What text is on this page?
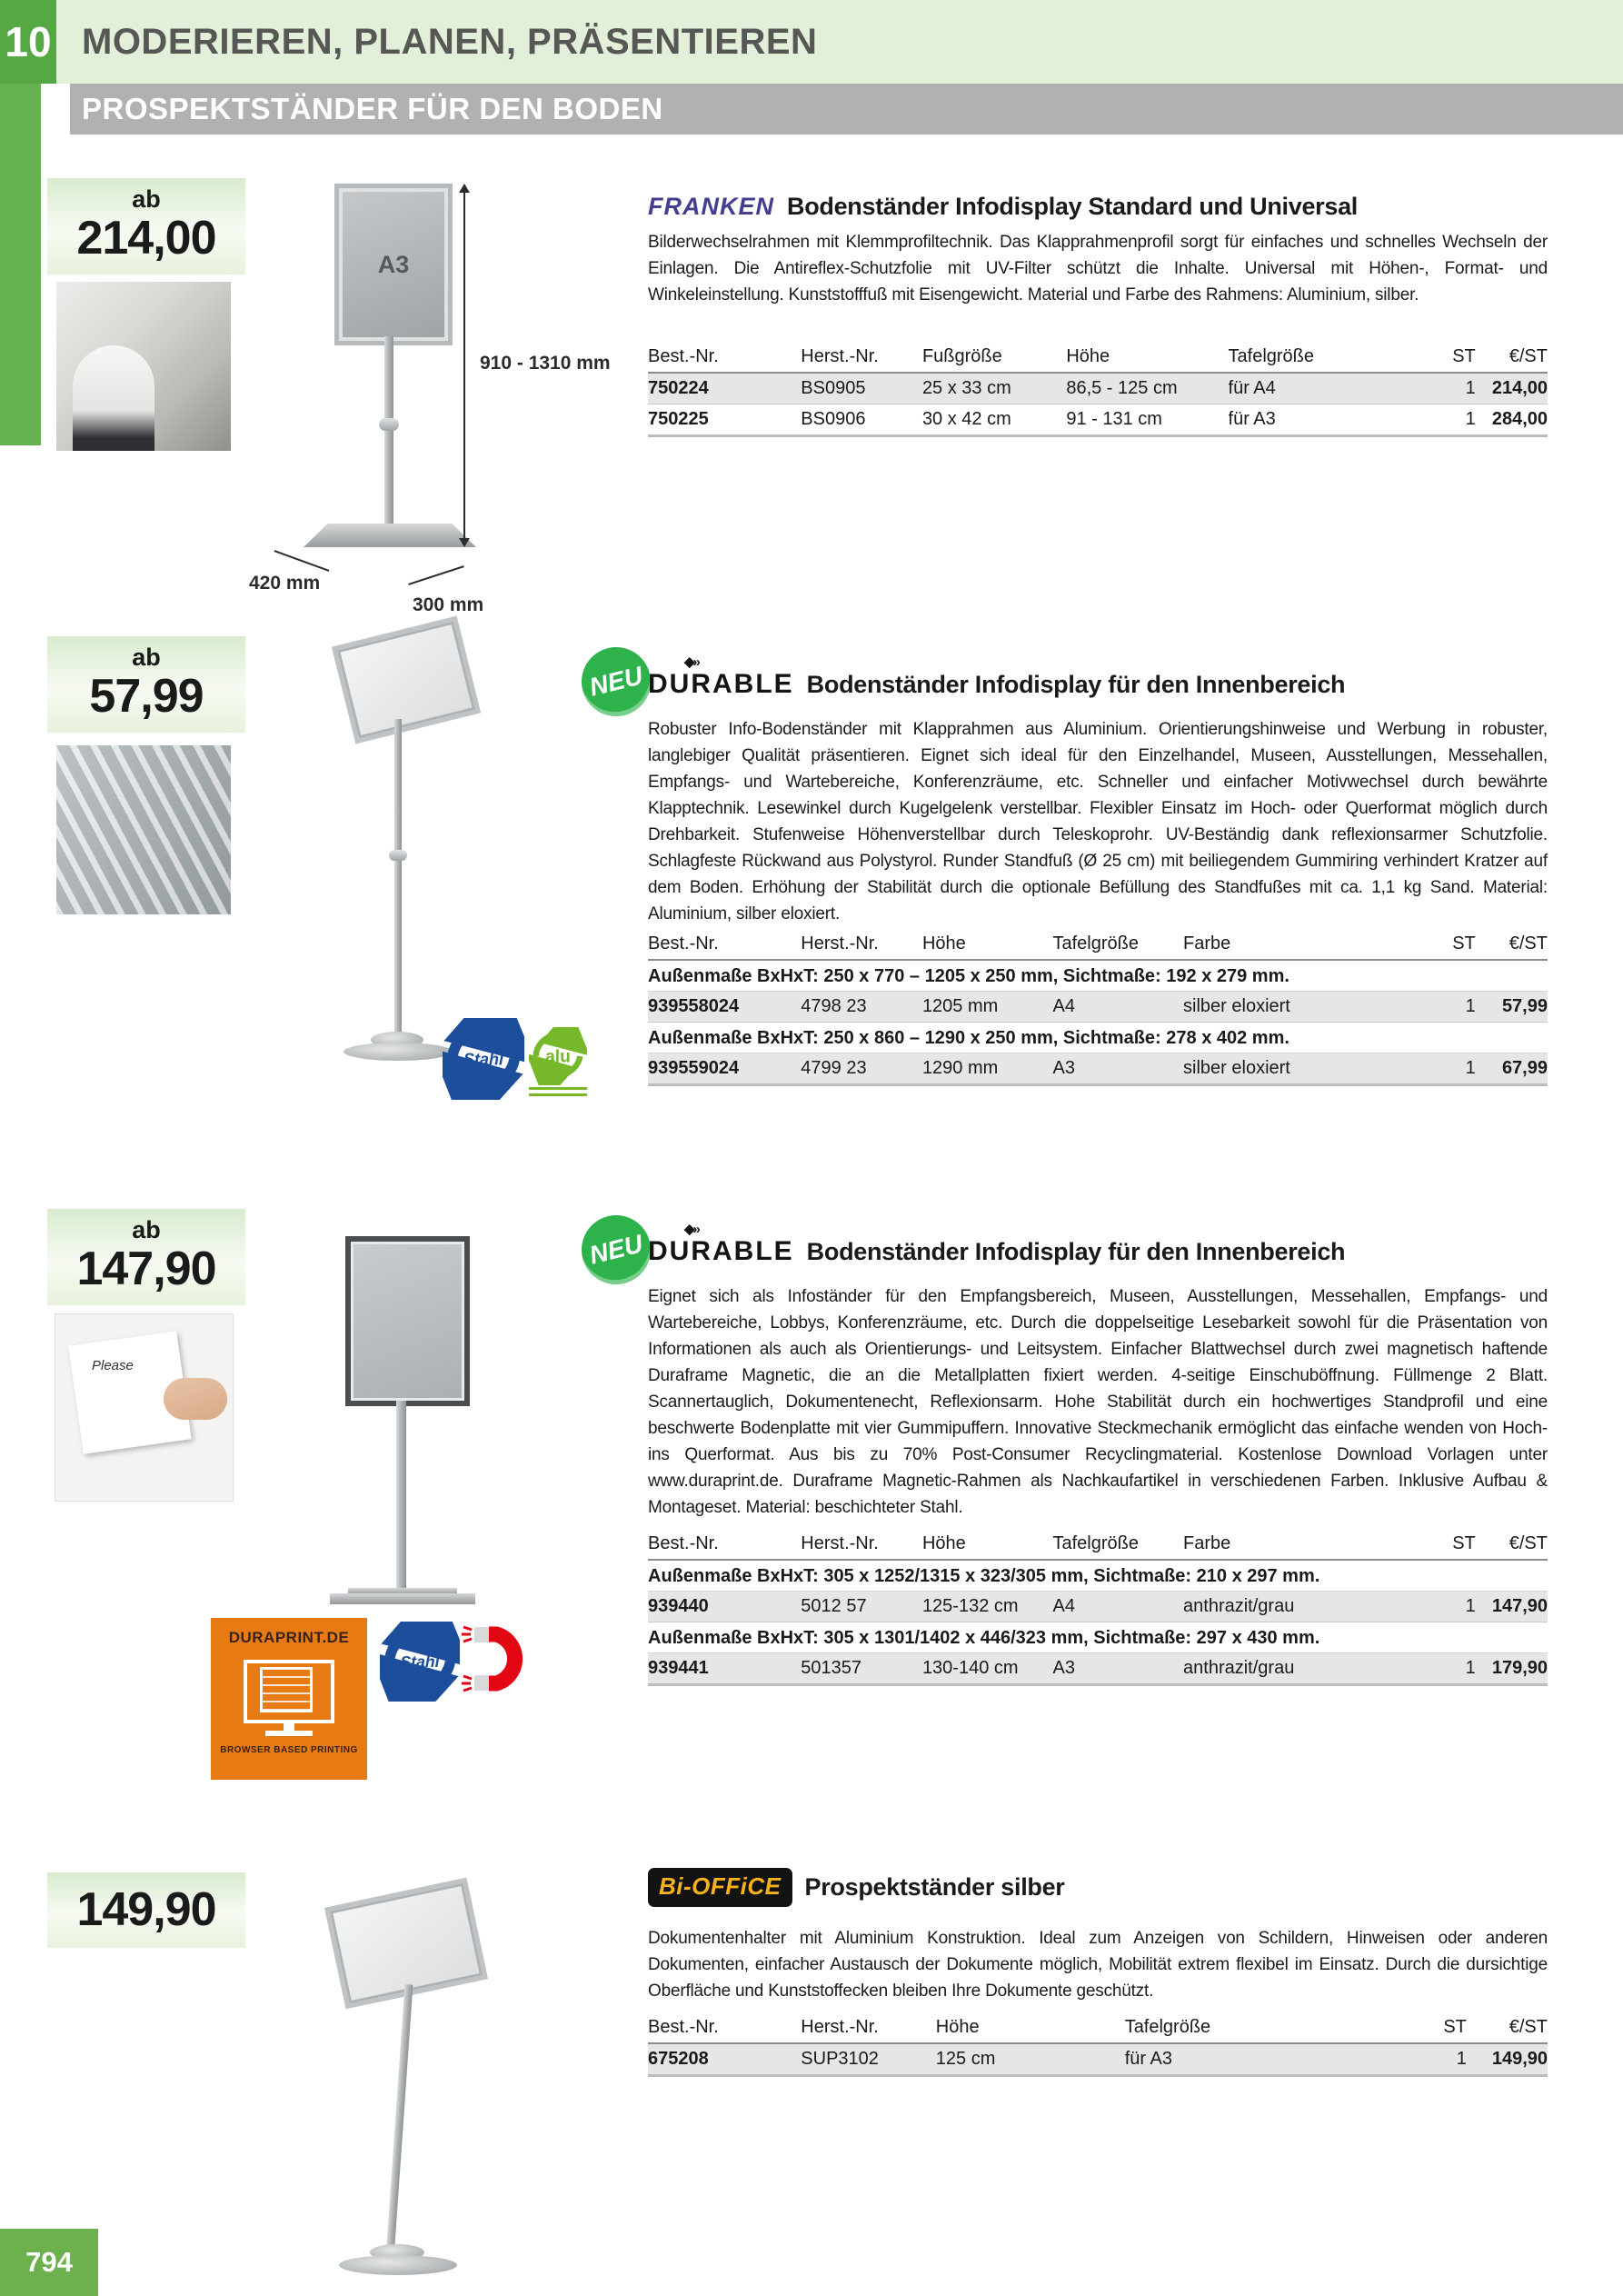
10 MODERIEREN, PLANEN, PRÄSENTIEREN
PROSPEKTSTÄNDER FÜR DEN BODEN
ab
214,00	A3
910 - 1310 mm
420 mm
300 mm
FRANKEN Bodenständer Infodisplay Standard und Universal
Bilderwechselrahmen mit Klemmprofiltechnik. Das Klapprahmenprofil sorgt für einfaches und schnelles Wechseln der Einlagen. Die Antireflex-Schutzfolie mit UV-Filter schützt die Inhalte. Universal mit Höhen-, Format- und Winkeleinstellung. Kunststofffuß mit Eisengewicht. Material und Farbe des Rahmens: Aluminium, silber.
Best.-Nr.	Herst.-Nr.	Fußgröße	Höhe	Tafelgröße	ST	€/ST
750224	BS0905	25 x 33 cm	86,5 - 125 cm	für A4	1	214,00
750225	BS0906	30 x 42 cm	91 - 131 cm	für A3	1	284,00
ab
57,99	NEU	◆»
DURABLE Bodenständer Infodisplay für den Innenbereich
Robuster Info-Bodenständer mit Klapprahmen aus Aluminium. Orientierungshinweise und Werbung in robuster, langlebiger Qualität präsentieren. Eignet sich ideal für den Einzelhandel, Museen, Ausstellungen, Messehallen, Empfangs- und Wartebereiche, Konferenzräume, etc. Schneller und einfacher Motivwechsel durch bewährte Klapptechnik. Lesewinkel durch Kugelgelenk verstellbar. Flexibler Einsatz im Hoch- oder Querformat möglich durch Drehbarkeit. Stufenweise Höhenverstellbar durch Teleskoprohr. UV-Beständig dank reflexionsarmer Schutzfolie. Schlagfeste Rückwand aus Polystyrol. Runder Standfuß (Ø 25 cm) mit beiliegendem Gummiring verhindert Kratzer auf dem Boden. Erhöhung der Stabilität durch die optionale Befüllung des Standfußes mit ca. 1,1 kg Sand. Material: Aluminium, silber eloxiert.
Best.-Nr.	Herst.-Nr.	Höhe	Tafelgröße	Farbe	ST	€/ST
Außenmaße BxHxT: 250 x 770 – 1205 x 250 mm, Sichtmaße: 192 x 279 mm.						
939558024	4798 23	1205 mm	A4	silber eloxiert	1	57,99
Außenmaße BxHxT: 250 x 860 – 1290 x 250 mm, Sichtmaße: 278 x 402 mm.						
939559024	4799 23	1290 mm	A3	silber eloxiert	1	67,99
Stahl alu
ab
147,90
Please
NEU	◆»
DURABLE Bodenständer Infodisplay für den Innenbereich
Eignet sich als Infoständer für den Empfangsbereich, Museen, Ausstellungen, Messehallen, Empfangs- und Wartebereiche, Lobbys, Konferenzräume, etc. Durch die doppelseitige Lesebarkeit sowohl für die Präsentation von Informationen als auch als Orientierungs- und Leitsystem. Einfacher Blattwechsel durch zwei magnetisch haftende Duraframe Magnetic, die an die Metallplatten fixiert werden. 4-seitige Einschuböffnung. Füllmenge 2 Blatt. Scannertauglich, Dokumentenecht, Reflexionsarm. Hohe Stabilität durch ein hochwertiges Standprofil und eine beschwerte Bodenplatte mit vier Gummipuffern. Innovative Steckmechanik ermöglicht das einfache wenden von Hoch- ins Querformat. Aus bis zu 70% Post-Consumer Recyclingmaterial. Kostenlose Download Vorlagen unter www.duraprint.de. Duraframe Magnetic-Rahmen als Nachkaufartikel in verschiedenen Farben. Inklusive Aufbau & Montageset. Material: beschichteter Stahl.
Best.-Nr.	Herst.-Nr.	Höhe	Tafelgröße	Farbe	ST	€/ST
Außenmaße BxHxT: 305 x 1252/1315 x 323/305 mm, Sichtmaße: 210 x 297 mm.						
939440	5012 57	125-132 cm	A4	anthrazit/grau	1	147,90
Außenmaße BxHxT: 305 x 1301/1402 x 446/323 mm, Sichtmaße: 297 x 430 mm.						
939441	501357	130-140 cm	A3	anthrazit/grau	1	179,90
DURAPRINT.DE
BROWSER BASED PRINTING
Stahl
149,90	Bi-OFFiCE Prospektständer silber
Dokumentenhalter mit Aluminium Konstruktion. Ideal zum Anzeigen von Schildern, Hinweisen oder anderen Dokumenten, einfacher Austausch der Dokumente möglich, Mobilität extrem flexibel im Einsatz. Durch die dursichtige Oberfläche und Kunststoffecken bleiben Ihre Dokumente geschützt.
Best.-Nr.	Herst.-Nr.	Höhe	Tafelgröße	ST	€/ST
675208	SUP3102	125 cm	für A3	1	149,90
794
